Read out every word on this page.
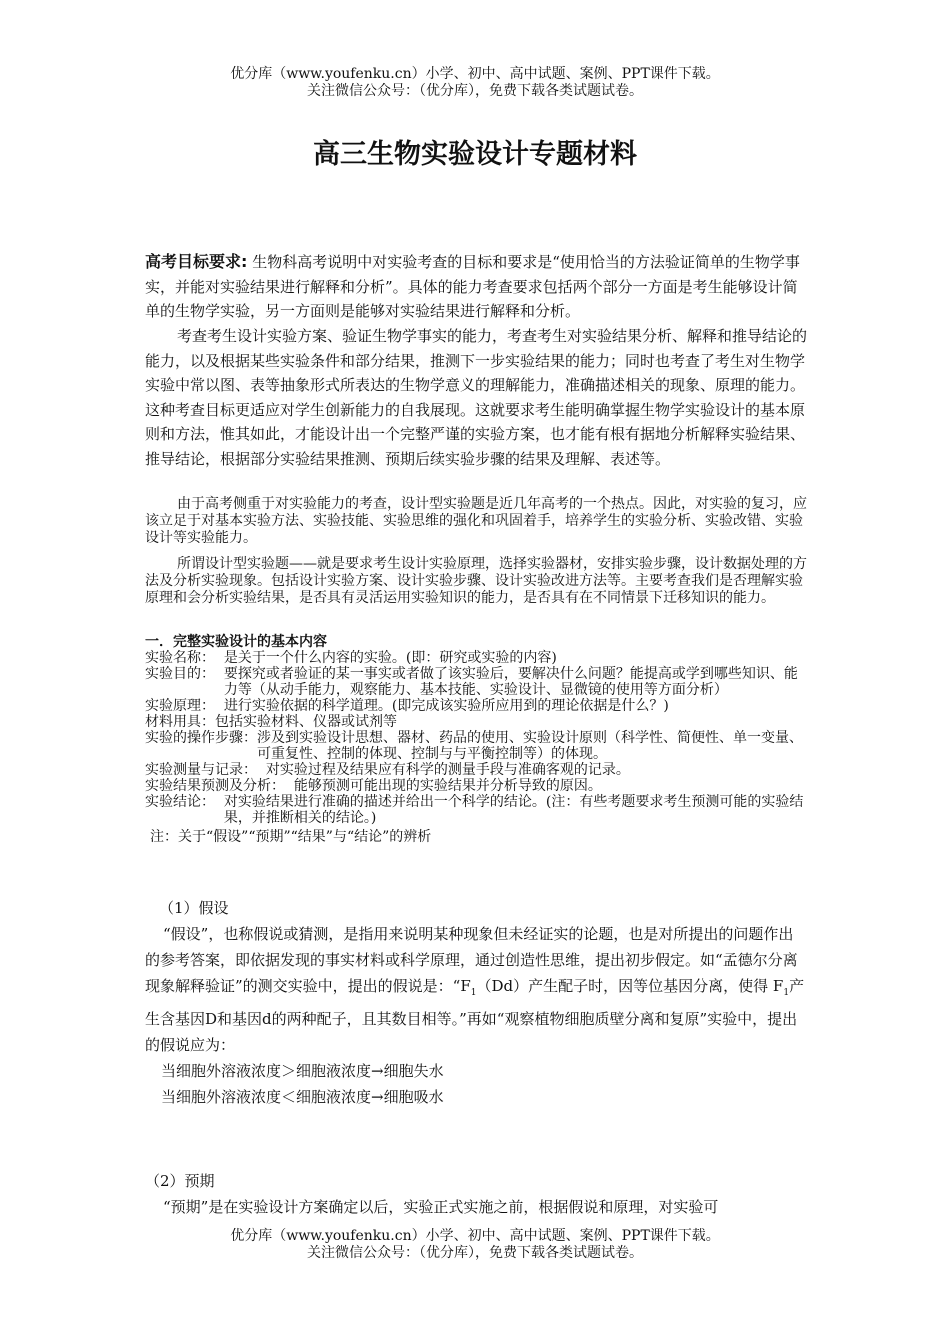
优分库（www.youfenku.cn）小学、初中、高中试题、案例、PPT课件下载。
关注微信公众号：（优分库），免费下载各类试题试卷。
高三生物实验设计专题材料
高考目标要求: 生物科高考说明中对实验考查的目标和要求是“使用恰当的方法验证简单的生物学事实，并能对实验结果进行解释和分析”。具体的能力考查要求包括两个部分一方面是考生能够设计简单的生物学实验，另一方面则是能够对实验结果进行解释和分析。
考查考生设计实验方案、验证生物学事实的能力，考查考生对实验结果分析、解释和推导结论的能力，以及根据某些实验条件和部分结果，推测下一步实验结果的能力；同时也考查了考生对生物学实验中常以图、表等抽象形式所表达的生物学意义的理解能力，准确描述相关的现象、原理的能力。这种考查目标更适应对学生创新能力的自我展现。这就要求考生能明确掌握生物学实验设计的基本原则和方法，惟其如此，才能设计出一个完整严谨的实验方案，也才能有根有据地分析解释实验结果、推导结论，根据部分实验结果推测、预期后续实验步骤的结果及理解、表述等。
由于高考侧重于对实验能力的考查，设计型实验题是近几年高考的一个热点。因此，对实验的复习，应该立足于对基本实验方法、实验技能、实验思维的强化和巩固着手，培养学生的实验分析、实验改错、实验设计等实验能力。
所谓设计型实验题——就是要求考生设计实验原理，选择实验器材，安排实验步骤，设计数据处理的方法及分析实验现象。包括设计实验方案、设计实验步骤、设计实验改进方法等。主要考查我们是否理解实验原理和会分析实验结果，是否具有灵活运用实验知识的能力，是否具有在不同情景下迁移知识的能力。
一．完整实验设计的基本内容
实验名称： 是关于一个什么内容的实验。(即：研究或实验的内容)
实验目的： 要探究或者验证的某一事实或者做了该实验后，要解决什么问题？能提高或学到哪些知识、能力等（从动手能力，观察能力、基本技能、实验设计、显微镜的使用等方面分析）
实验原理： 进行实验依据的科学道理。(即完成该实验所应用到的理论依据是什么？)
材料用具： 包括实验材料、仪器或试剂等
实验的操作步骤： 涉及到实验设计思想、器材、药品的使用、实验设计原则（科学性、简便性、单一变量、可重复性、控制的体现、控制与与平衡控制等）的体现。
实验测量与记录： 对实验过程及结果应有科学的测量手段与准确客观的记录。
实验结果预测及分析： 能够预测可能出现的实验结果并分析导致的原因。
实验结论： 对实验结果进行准确的描述并给出一个科学的结论。(注：有些考题要求考生预测可能的实验结果，并推断相关的结论。)
注：关于“假设”“预期”“结果”与“结论”的辨析
（1）假设
“假设”，也称假说或猜测，是指用来说明某种现象但未经证实的论题，也是对所提出的问题作出的参考答案，即依据发现的事实材料或科学原理，通过创造性思维，提出初步假定。如“孟德尔分离现象解释验证”的测交实验中，提出的假说是：“$F_1(Dd)$产生配子时，因等位基因分离，使得 $F_1$产生含基因D和基因d的两种配子，且其数目相等。”再如“观察植物细胞质壁分离和复原”实验中，提出的假说应为：
当细胞外溶液浓度＞细胞液浓度→细胞失水
当细胞外溶液浓度＜细胞液浓度→细胞吸水
（2）预期
“预期”是在实验设计方案确定以后，实验正式实施之前，根据假说和原理，对实验可
优分库（www.youfenku.cn）小学、初中、高中试题、案例、PPT课件下载。
关注微信公众号：（优分库），免费下载各类试题试卷。
